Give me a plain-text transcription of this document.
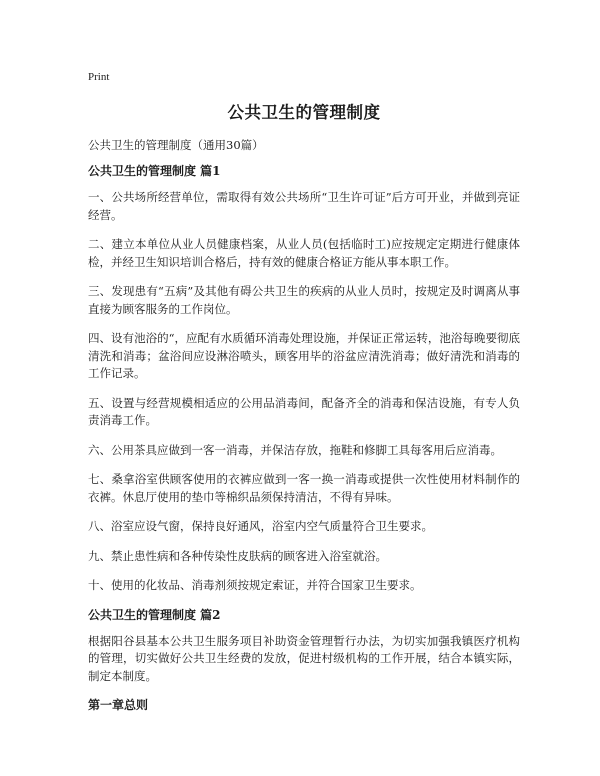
Print
公共卫生的管理制度
公共卫生的管理制度（通用30篇）
公共卫生的管理制度 篇1

一、公共场所经营单位，需取得有效公共场所“卫生许可证”后方可开业，并做到亮证经营。

二、建立本单位从业人员健康档案，从业人员(包括临时工)应按规定定期进行健康体检，并经卫生知识培训合格后，持有效的健康合格证方能从事本职工作。

三、发现患有“五病”及其他有碍公共卫生的疾病的从业人员时，按规定及时调离从事直接为顾客服务的工作岗位。

四、设有池浴的“，应配有水质循环消毒处理设施，并保证正常运转，池浴每晚要彻底清洗和消毒；盆浴间应设淋浴喷头，顾客用毕的浴盆应清洗消毒；做好清洗和消毒的工作记录。

五、设置与经营规模相适应的公用品消毒间，配备齐全的消毒和保洁设施，有专人负责消毒工作。

六、公用茶具应做到一客一消毒，并保洁存放，拖鞋和修脚工具每客用后应消毒。

七、桑拿浴室供顾客使用的衣裤应做到一客一换一消毒或提供一次性使用材料制作的衣裤。休息厅使用的垫巾等棉织品须保持清洁，不得有异味。

八、浴室应设气窗，保持良好通风，浴室内空气质量符合卫生要求。

九、禁止患性病和各种传染性皮肤病的顾客进入浴室就浴。

十、使用的化妆品、消毒剂须按规定索证，并符合国家卫生要求。

公共卫生的管理制度 篇2

根据阳谷县基本公共卫生服务项目补助资金管理暂行办法，为切实加强我镇医疗机构的管理，切实做好公共卫生经费的发放，促进村级机构的工作开展，结合本镇实际，制定本制度。

第一章总则
